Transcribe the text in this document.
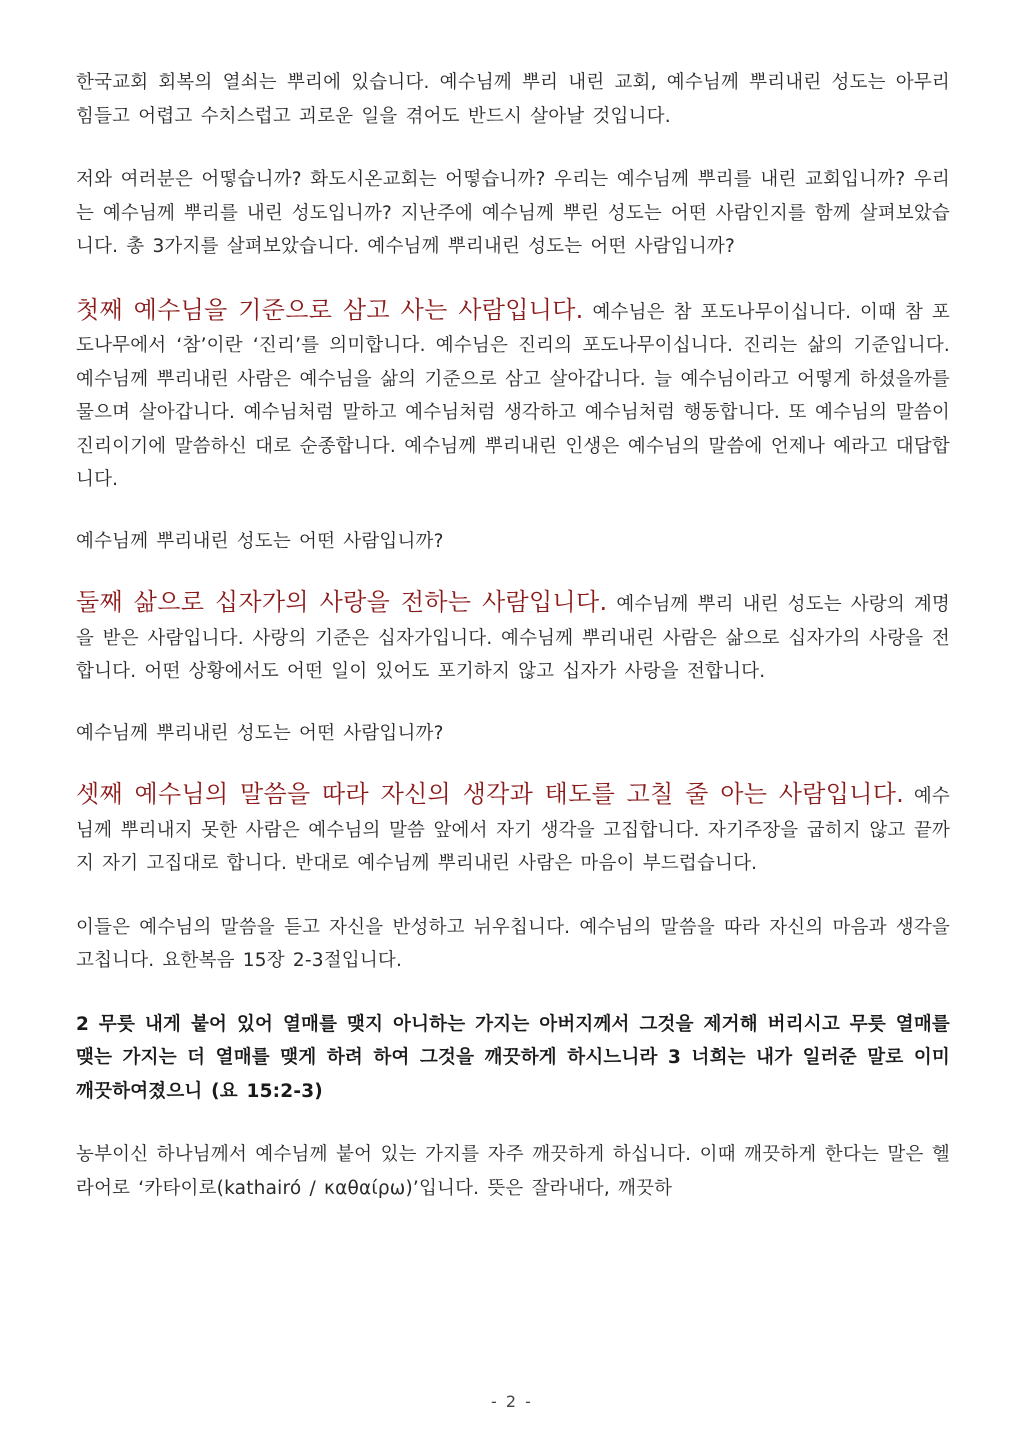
한국교회 회복의 열쇠는 뿌리에 있습니다. 예수님께 뿌리 내린 교회, 예수님께 뿌리내린 성도는 아무리 힘들고 어렵고 수치스럽고 괴로운 일을 겪어도 반드시 살아날 것입니다.

저와 여러분은 어떻습니까? 화도시온교회는 어떻습니까? 우리는 예수님께 뿌리를 내린 교회입니까? 우리는 예수님께 뿌리를 내린 성도입니까? 지난주에 예수님께 뿌린 성도는 어떤 사람인지를 함께 살펴보았습니다. 총 3가지를 살펴보았습니다. 예수님께 뿌리내린 성도는 어떤 사람입니까?

첫째 예수님을 기준으로 삼고 사는 사람입니다. 예수님은 참 포도나무이십니다. 이때 참 포도나무에서 ‘참’이란 ‘진리’를 의미합니다. 예수님은 진리의 포도나무이십니다. 진리는 삶의 기준입니다. 예수님께 뿌리내린 사람은 예수님을 삶의 기준으로 삼고 살아갑니다. 늘 예수님이라고 어떻게 하셨을까를 물으며 살아갑니다. 예수님처럼 말하고 예수님처럼 생각하고 예수님처럼 행동합니다. 또 예수님의 말씀이 진리이기에 말씀하신 대로 순종합니다. 예수님께 뿌리내린 인생은 예수님의 말씀에 언제나 예라고 대답합니다.

예수님께 뿌리내린 성도는 어떤 사람입니까?

둘째 삶으로 십자가의 사랑을 전하는 사람입니다. 예수님께 뿌리 내린 성도는 사랑의 계명을 받은 사람입니다. 사랑의 기준은 십자가입니다. 예수님께 뿌리내린 사람은 삶으로 십자가의 사랑을 전합니다. 어떤 상황에서도 어떤 일이 있어도 포기하지 않고 십자가 사랑을 전합니다.

예수님께 뿌리내린 성도는 어떤 사람입니까?

셋째 예수님의 말씀을 따라 자신의 생각과 태도를 고칠 줄 아는 사람입니다. 예수님께 뿌리내지 못한 사람은 예수님의 말씀 앞에서 자기 생각을 고집합니다. 자기주장을 굽히지 않고 끝까지 자기 고집대로 합니다. 반대로 예수님께 뿌리내린 사람은 마음이 부드럽습니다.

이들은 예수님의 말씀을 듣고 자신을 반성하고 뉘우칩니다. 예수님의 말씀을 따라 자신의 마음과 생각을 고칩니다. 요한복음 15장 2-3절입니다.

2 무릇 내게 붙어 있어 열매를 맺지 아니하는 가지는 아버지께서 그것을 제거해 버리시고 무릇 열매를 맺는 가지는 더 열매를 맺게 하려 하여 그것을 깨끗하게 하시느니라 3 너희는 내가 일러준 말로 이미 깨끗하여졌으니 (요 15:2-3)

농부이신 하나님께서 예수님께 붙어 있는 가지를 자주 깨끗하게 하십니다. 이때 깨끗하게 한다는 말은 헬라어로 ‘카타이로(kathairó / καθαίρω)’입니다. 뜻은 잘라내다, 깨끗하

- 2 -
